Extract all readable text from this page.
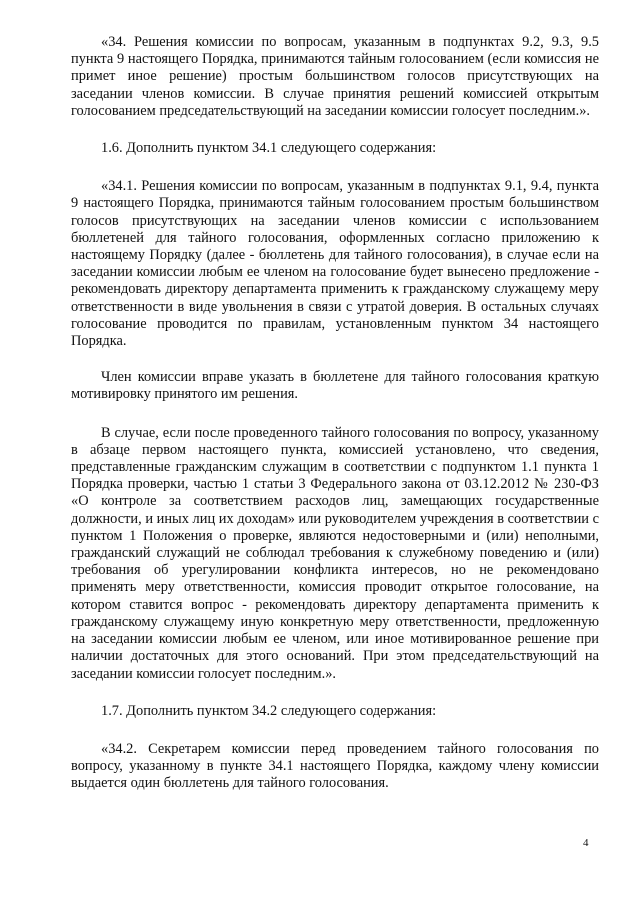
«34. Решения комиссии по вопросам, указанным в подпунктах 9.2, 9.3, 9.5 пункта 9 настоящего Порядка, принимаются тайным голосованием (если комиссия не примет иное решение) простым большинством голосов присутствующих на заседании членов комиссии. В случае принятия решений комиссией открытым голосованием председательствующий на заседании комиссии голосует последним.».

1.6. Дополнить пунктом 34.1 следующего содержания:

«34.1. Решения комиссии по вопросам, указанным в подпунктах 9.1, 9.4, пункта 9 настоящего Порядка, принимаются тайным голосованием простым большинством голосов присутствующих на заседании членов комиссии с использованием бюллетеней для тайного голосования, оформленных согласно приложению к настоящему Порядку (далее - бюллетень для тайного голосования), в случае если на заседании комиссии любым ее членом на голосование будет вынесено предложение - рекомендовать директору департамента применить к гражданскому служащему меру ответственности в виде увольнения в связи с утратой доверия. В остальных случаях голосование проводится по правилам, установленным пунктом 34 настоящего Порядка.

Член комиссии вправе указать в бюллетене для тайного голосования краткую мотивировку принятого им решения.

В случае, если после проведенного тайного голосования по вопросу, указанному в абзаце первом настоящего пункта, комиссией установлено, что сведения, представленные гражданским служащим в соответствии с подпунктом 1.1 пункта 1 Порядка проверки, частью 1 статьи 3 Федерального закона от 03.12.2012 № 230-ФЗ «О контроле за соответствием расходов лиц, замещающих государственные должности, и иных лиц их доходам» или руководителем учреждения в соответствии с пунктом 1 Положения о проверке, являются недостоверными и (или) неполными, гражданский служащий не соблюдал требования к служебному поведению и (или) требования об урегулировании конфликта интересов, но не рекомендовано применять меру ответственности, комиссия проводит открытое голосование, на котором ставится вопрос - рекомендовать директору департамента применить к гражданскому служащему иную конкретную меру ответственности, предложенную на заседании комиссии любым ее членом, или иное мотивированное решение при наличии достаточных для этого оснований. При этом председательствующий на заседании комиссии голосует последним.».

1.7. Дополнить пунктом 34.2 следующего содержания:

«34.2. Секретарем комиссии перед проведением тайного голосования по вопросу, указанному в пункте 34.1 настоящего Порядка, каждому члену комиссии выдается один бюллетень для тайного голосования.

4
